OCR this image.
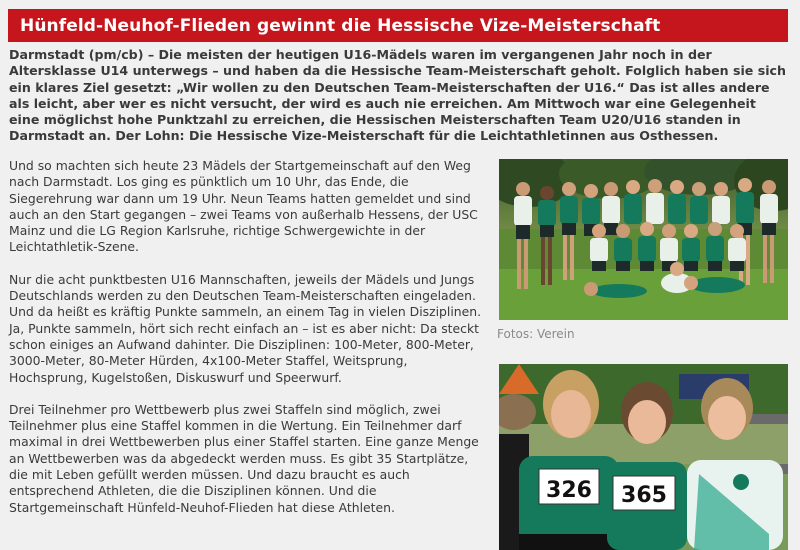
Hünfeld-Neuhof-Flieden gewinnt die Hessische Vize-Meisterschaft

Darmstadt (pm/cb) – Die meisten der heutigen U16-Mädels waren im vergangenen Jahr noch in der Altersklasse U14 unterwegs – und haben da die Hessische Team-Meisterschaft geholt. Folglich haben sie sich ein klares Ziel gesetzt: „Wir wollen zu den Deutschen Team-Meisterschaften der U16.“ Das ist alles andere als leicht, aber wer es nicht versucht, der wird es auch nie erreichen. Am Mittwoch war eine Gelegenheit eine möglichst hohe Punktzahl zu erreichen, die Hessischen Meisterschaften Team U20/U16 standen in Darmstadt an. Der Lohn: Die Hessische Vize-Meisterschaft für die Leichtathletinnen aus Osthessen.

Und so machten sich heute 23 Mädels der Startgemeinschaft auf den Weg nach Darmstadt. Los ging es pünktlich um 10 Uhr, das Ende, die Siegerehrung war dann um 19 Uhr. Neun Teams hatten gemeldet und sind auch an den Start gegangen – zwei Teams von außerhalb Hessens, der USC Mainz und die LG Region Karlsruhe, richtige Schwergewichte in der Leichtathletik-Szene.

Nur die acht punktbesten U16 Mannschaften, jeweils der Mädels und Jungs Deutschlands werden zu den Deutschen Team-Meisterschaften eingeladen. Und da heißt es kräftig Punkte sammeln, an einem Tag in vielen Disziplinen. Ja, Punkte sammeln, hört sich recht einfach an – ist es aber nicht: Da steckt schon einiges an Aufwand dahinter. Die Disziplinen: 100-Meter, 800-Meter, 3000-Meter, 80-Meter Hürden, 4x100-Meter Staffel, Weitsprung, Hochsprung, Kugelstoßen, Diskuswurf und Speerwurf.

Drei Teilnehmer pro Wettbewerb plus zwei Staffeln sind möglich, zwei Teilnehmer plus eine Staffel kommen in die Wertung. Ein Teilnehmer darf maximal in drei Wettbewerben plus einer Staffel starten. Eine ganze Menge an Wettbewerben was da abgedeckt werden muss. Es gibt 35 Startplätze, die mit Leben gefüllt werden müssen. Und dazu braucht es auch entsprechend Athleten, die die Disziplinen können. Und die Startgemeinschaft Hünfeld-Neuhof-Flieden hat diese Athleten.

Fotos: Verein
326 365
